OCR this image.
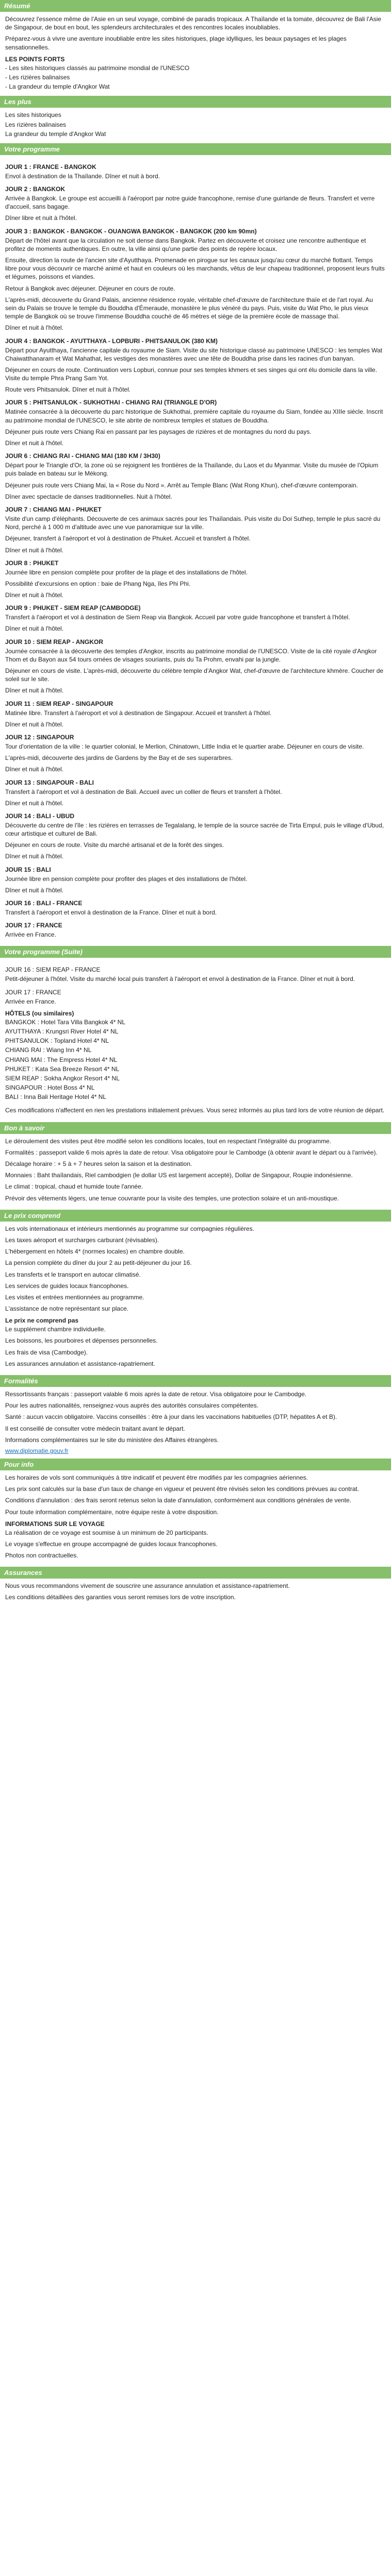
Résumé

Découvrez l'essence même de l'Asie en un seul voyage, combiné de paradis tropicaux. A Thaïlande et la tomate, découvrez de Bali l'Asie de Singapour, de bout en bout, les splendeurs architecturales et des rencontres locales inoubliables.

Préparez-vous à vivre une aventure inoubliable entre les sites historiques, plage idylliques, les beaux paysages et les plages sensationnelles.

LES POINTS FORTS
- Les sites historiques classés au patrimoine mondial de l'UNESCO
- Les rizières balinaises
- La grandeur du temple d'Angkor Wat
Les plus
Les sites historiques
Les rizières balinaises
La grandeur du temple d'Angkor Wat
Votre programme
JOUR 1 : FRANCE - BANGKOK

Envol à destination de la Thaïlande. Dîner et nuit à bord.

JOUR 2 : BANGKOK

Arrivée à Bangkok. Le groupe est accueilli à l'aéroport par notre guide francophone, remise d'une guirlande de fleurs. Transfert et verre d'accueil, sans bagage.

Dîner libre et nuit à l'hôtel.

JOUR 3 : BANGKOK - BANGKOK - OUANGWA BANGKOK - BANGKOK (200 km 90mn)

Départ de l'hôtel avant que la circulation ne soit dense dans Bangkok. Partez en découverte et croisez une rencontre authentique et profitez de moments authentiques. En outre, la ville ainsi qu'une partie des points de repère locaux.

Ensuite, direction la route de l'ancien site d'Ayutthaya. Promenade en pirogue sur les canaux jusqu'au cœur du marché flottant. Temps libre pour vous découvrir ce marché animé et haut en couleurs où les marchands, vêtus de leur chapeau traditionnel, proposent leurs fruits et légumes, poissons et viandes.

Retour à Bangkok avec déjeuner. Déjeuner en cours de route.

L'après-midi, découverte du Grand Palais, ancienne résidence royale, véritable chef-d'œuvre de l'architecture thaïe et de l'art royal. Au sein du Palais se trouve le temple du Bouddha d'Émeraude, monastère le plus vénéré du pays. Puis, visite du Wat Pho, le plus vieux temple de Bangkok où se trouve l'immense Bouddha couché de 46 mètres et siège de la première école de massage thaï.

Dîner et nuit à l'hôtel.

JOUR 4 : BANGKOK - AYUTTHAYA - LOPBURI - PHITSANULOK (380 KM)

Départ pour Ayutthaya, l'ancienne capitale du royaume de Siam. Visite du site historique classé au patrimoine UNESCO : les temples Wat Chaiwatthanaram et Wat Mahathat, les vestiges des monastères avec une tête de Bouddha prise dans les racines d'un banyan.

Déjeuner en cours de route. Continuation vers Lopburi, connue pour ses temples khmers et ses singes qui ont élu domicile dans la ville. Visite du temple Phra Prang Sam Yot.

Route vers Phitsanulok. Dîner et nuit à l'hôtel.

JOUR 5 : PHITSANULOK - SUKHOTHAI - CHIANG RAI (TRIANGLE D'OR)

Matinée consacrée à la découverte du parc historique de Sukhothai, première capitale du royaume du Siam, fondée au XIIIe siècle. Inscrit au patrimoine mondial de l'UNESCO, le site abrite de nombreux temples et statues de Bouddha.

Déjeuner puis route vers Chiang Rai en passant par les paysages de rizières et de montagnes du nord du pays.

Dîner et nuit à l'hôtel.

JOUR 6 : CHIANG RAI - CHIANG MAI (180 KM / 3H30)

Départ pour le Triangle d'Or, la zone où se rejoignent les frontières de la Thaïlande, du Laos et du Myanmar. Visite du musée de l'Opium puis balade en bateau sur le Mékong.

Déjeuner puis route vers Chiang Mai, la « Rose du Nord ». Arrêt au Temple Blanc (Wat Rong Khun), chef-d'œuvre contemporain.

Dîner avec spectacle de danses traditionnelles. Nuit à l'hôtel.

JOUR 7 : CHIANG MAI - PHUKET

Visite d'un camp d'éléphants. Découverte de ces animaux sacrés pour les Thaïlandais. Puis visite du Doi Suthep, temple le plus sacré du Nord, perché à 1 000 m d'altitude avec une vue panoramique sur la ville.

Déjeuner, transfert à l'aéroport et vol à destination de Phuket. Accueil et transfert à l'hôtel.

Dîner et nuit à l'hôtel.

JOUR 8 : PHUKET

Journée libre en pension complète pour profiter de la plage et des installations de l'hôtel.

Possibilité d'excursions en option : baie de Phang Nga, îles Phi Phi.

Dîner et nuit à l'hôtel.

JOUR 9 : PHUKET - SIEM REAP (CAMBODGE)

Transfert à l'aéroport et vol à destination de Siem Reap via Bangkok. Accueil par votre guide francophone et transfert à l'hôtel.

Dîner et nuit à l'hôtel.

JOUR 10 : SIEM REAP - ANGKOR

Journée consacrée à la découverte des temples d'Angkor, inscrits au patrimoine mondial de l'UNESCO. Visite de la cité royale d'Angkor Thom et du Bayon aux 54 tours ornées de visages souriants, puis du Ta Prohm, envahi par la jungle.

Déjeuner en cours de visite. L'après-midi, découverte du célèbre temple d'Angkor Wat, chef-d'œuvre de l'architecture khmère. Coucher de soleil sur le site.

Dîner et nuit à l'hôtel.

JOUR 11 : SIEM REAP - SINGAPOUR

Matinée libre. Transfert à l'aéroport et vol à destination de Singapour. Accueil et transfert à l'hôtel.

Dîner et nuit à l'hôtel.

JOUR 12 : SINGAPOUR

Tour d'orientation de la ville : le quartier colonial, le Merlion, Chinatown, Little India et le quartier arabe. Déjeuner en cours de visite.

L'après-midi, découverte des jardins de Gardens by the Bay et de ses superarbres.

Dîner et nuit à l'hôtel.

JOUR 13 : SINGAPOUR - BALI

Transfert à l'aéroport et vol à destination de Bali. Accueil avec un collier de fleurs et transfert à l'hôtel.

Dîner et nuit à l'hôtel.

JOUR 14 : BALI - UBUD

Découverte du centre de l'île : les rizières en terrasses de Tegalalang, le temple de la source sacrée de Tirta Empul, puis le village d'Ubud, cœur artistique et culturel de Bali.

Déjeuner en cours de route. Visite du marché artisanal et de la forêt des singes.

Dîner et nuit à l'hôtel.

JOUR 15 : BALI

Journée libre en pension complète pour profiter des plages et des installations de l'hôtel.

Dîner et nuit à l'hôtel.

JOUR 16 : BALI - FRANCE

Transfert à l'aéroport et envol à destination de la France. Dîner et nuit à bord.

JOUR 17 : FRANCE

Arrivée en France.

Votre programme (Suite)
JOUR 16 : SIEM REAP - FRANCE

Petit-déjeuner à l'hôtel. Visite du marché local puis transfert à l'aéroport et envol à destination de la France. Dîner et nuit à bord.

JOUR 17 : FRANCE

Arrivée en France.

HÔTELS (ou similaires)
BANGKOK : Hotel Tara Villa Bangkok 4* NL
AYUTTHAYA : Krungsri River Hotel 4* NL
PHITSANULOK : Topland Hotel 4* NL
CHIANG RAI : Wiang Inn 4* NL
CHIANG MAI : The Empress Hotel 4* NL
PHUKET : Kata Sea Breeze Resort 4* NL
SIEM REAP : Sokha Angkor Resort 4* NL
SINGAPOUR : Hotel Boss 4* NL
BALI : Inna Bali Heritage Hotel 4* NL

Ces modifications n'affectent en rien les prestations initialement prévues. Vous serez informés au plus tard lors de votre réunion de départ.

Bon à savoir

Le déroulement des visites peut être modifié selon les conditions locales, tout en respectant l'intégralité du programme.

Formalités : passeport valide 6 mois après la date de retour. Visa obligatoire pour le Cambodge (à obtenir avant le départ ou à l'arrivée).

Décalage horaire : + 5 à + 7 heures selon la saison et la destination.

Monnaies : Baht thaïlandais, Riel cambodgien (le dollar US est largement accepté), Dollar de Singapour, Roupie indonésienne.

Le climat : tropical, chaud et humide toute l'année.

Prévoir des vêtements légers, une tenue couvrante pour la visite des temples, une protection solaire et un anti-moustique.

Le prix comprend

Les vols internationaux et intérieurs mentionnés au programme sur compagnies régulières.

Les taxes aéroport et surcharges carburant (révisables).

L'hébergement en hôtels 4* (normes locales) en chambre double.

La pension complète du dîner du jour 2 au petit-déjeuner du jour 16.

Les transferts et le transport en autocar climatisé.

Les services de guides locaux francophones.

Les visites et entrées mentionnées au programme.

L'assistance de notre représentant sur place.

Le prix ne comprend pas

Le supplément chambre individuelle.

Les boissons, les pourboires et dépenses personnelles.

Les frais de visa (Cambodge).

Les assurances annulation et assistance-rapatriement.

Formalités

Ressortissants français : passeport valable 6 mois après la date de retour. Visa obligatoire pour le Cambodge.

Pour les autres nationalités, renseignez-vous auprès des autorités consulaires compétentes.

Santé : aucun vaccin obligatoire. Vaccins conseillés : être à jour dans les vaccinations habituelles (DTP, hépatites A et B).

Il est conseillé de consulter votre médecin traitant avant le départ.

Informations complémentaires sur le site du ministère des Affaires étrangères.

www.diplomatie.gouv.fr
Pour info

Les horaires de vols sont communiqués à titre indicatif et peuvent être modifiés par les compagnies aériennes.

Les prix sont calculés sur la base d'un taux de change en vigueur et peuvent être révisés selon les conditions prévues au contrat.

Conditions d'annulation : des frais seront retenus selon la date d'annulation, conformément aux conditions générales de vente.

Pour toute information complémentaire, notre équipe reste à votre disposition.

INFORMATIONS SUR LE VOYAGE

La réalisation de ce voyage est soumise à un minimum de 20 participants.

Le voyage s'effectue en groupe accompagné de guides locaux francophones.

Photos non contractuelles.

Assurances

Nous vous recommandons vivement de souscrire une assurance annulation et assistance-rapatriement.

Les conditions détaillées des garanties vous seront remises lors de votre inscription.
